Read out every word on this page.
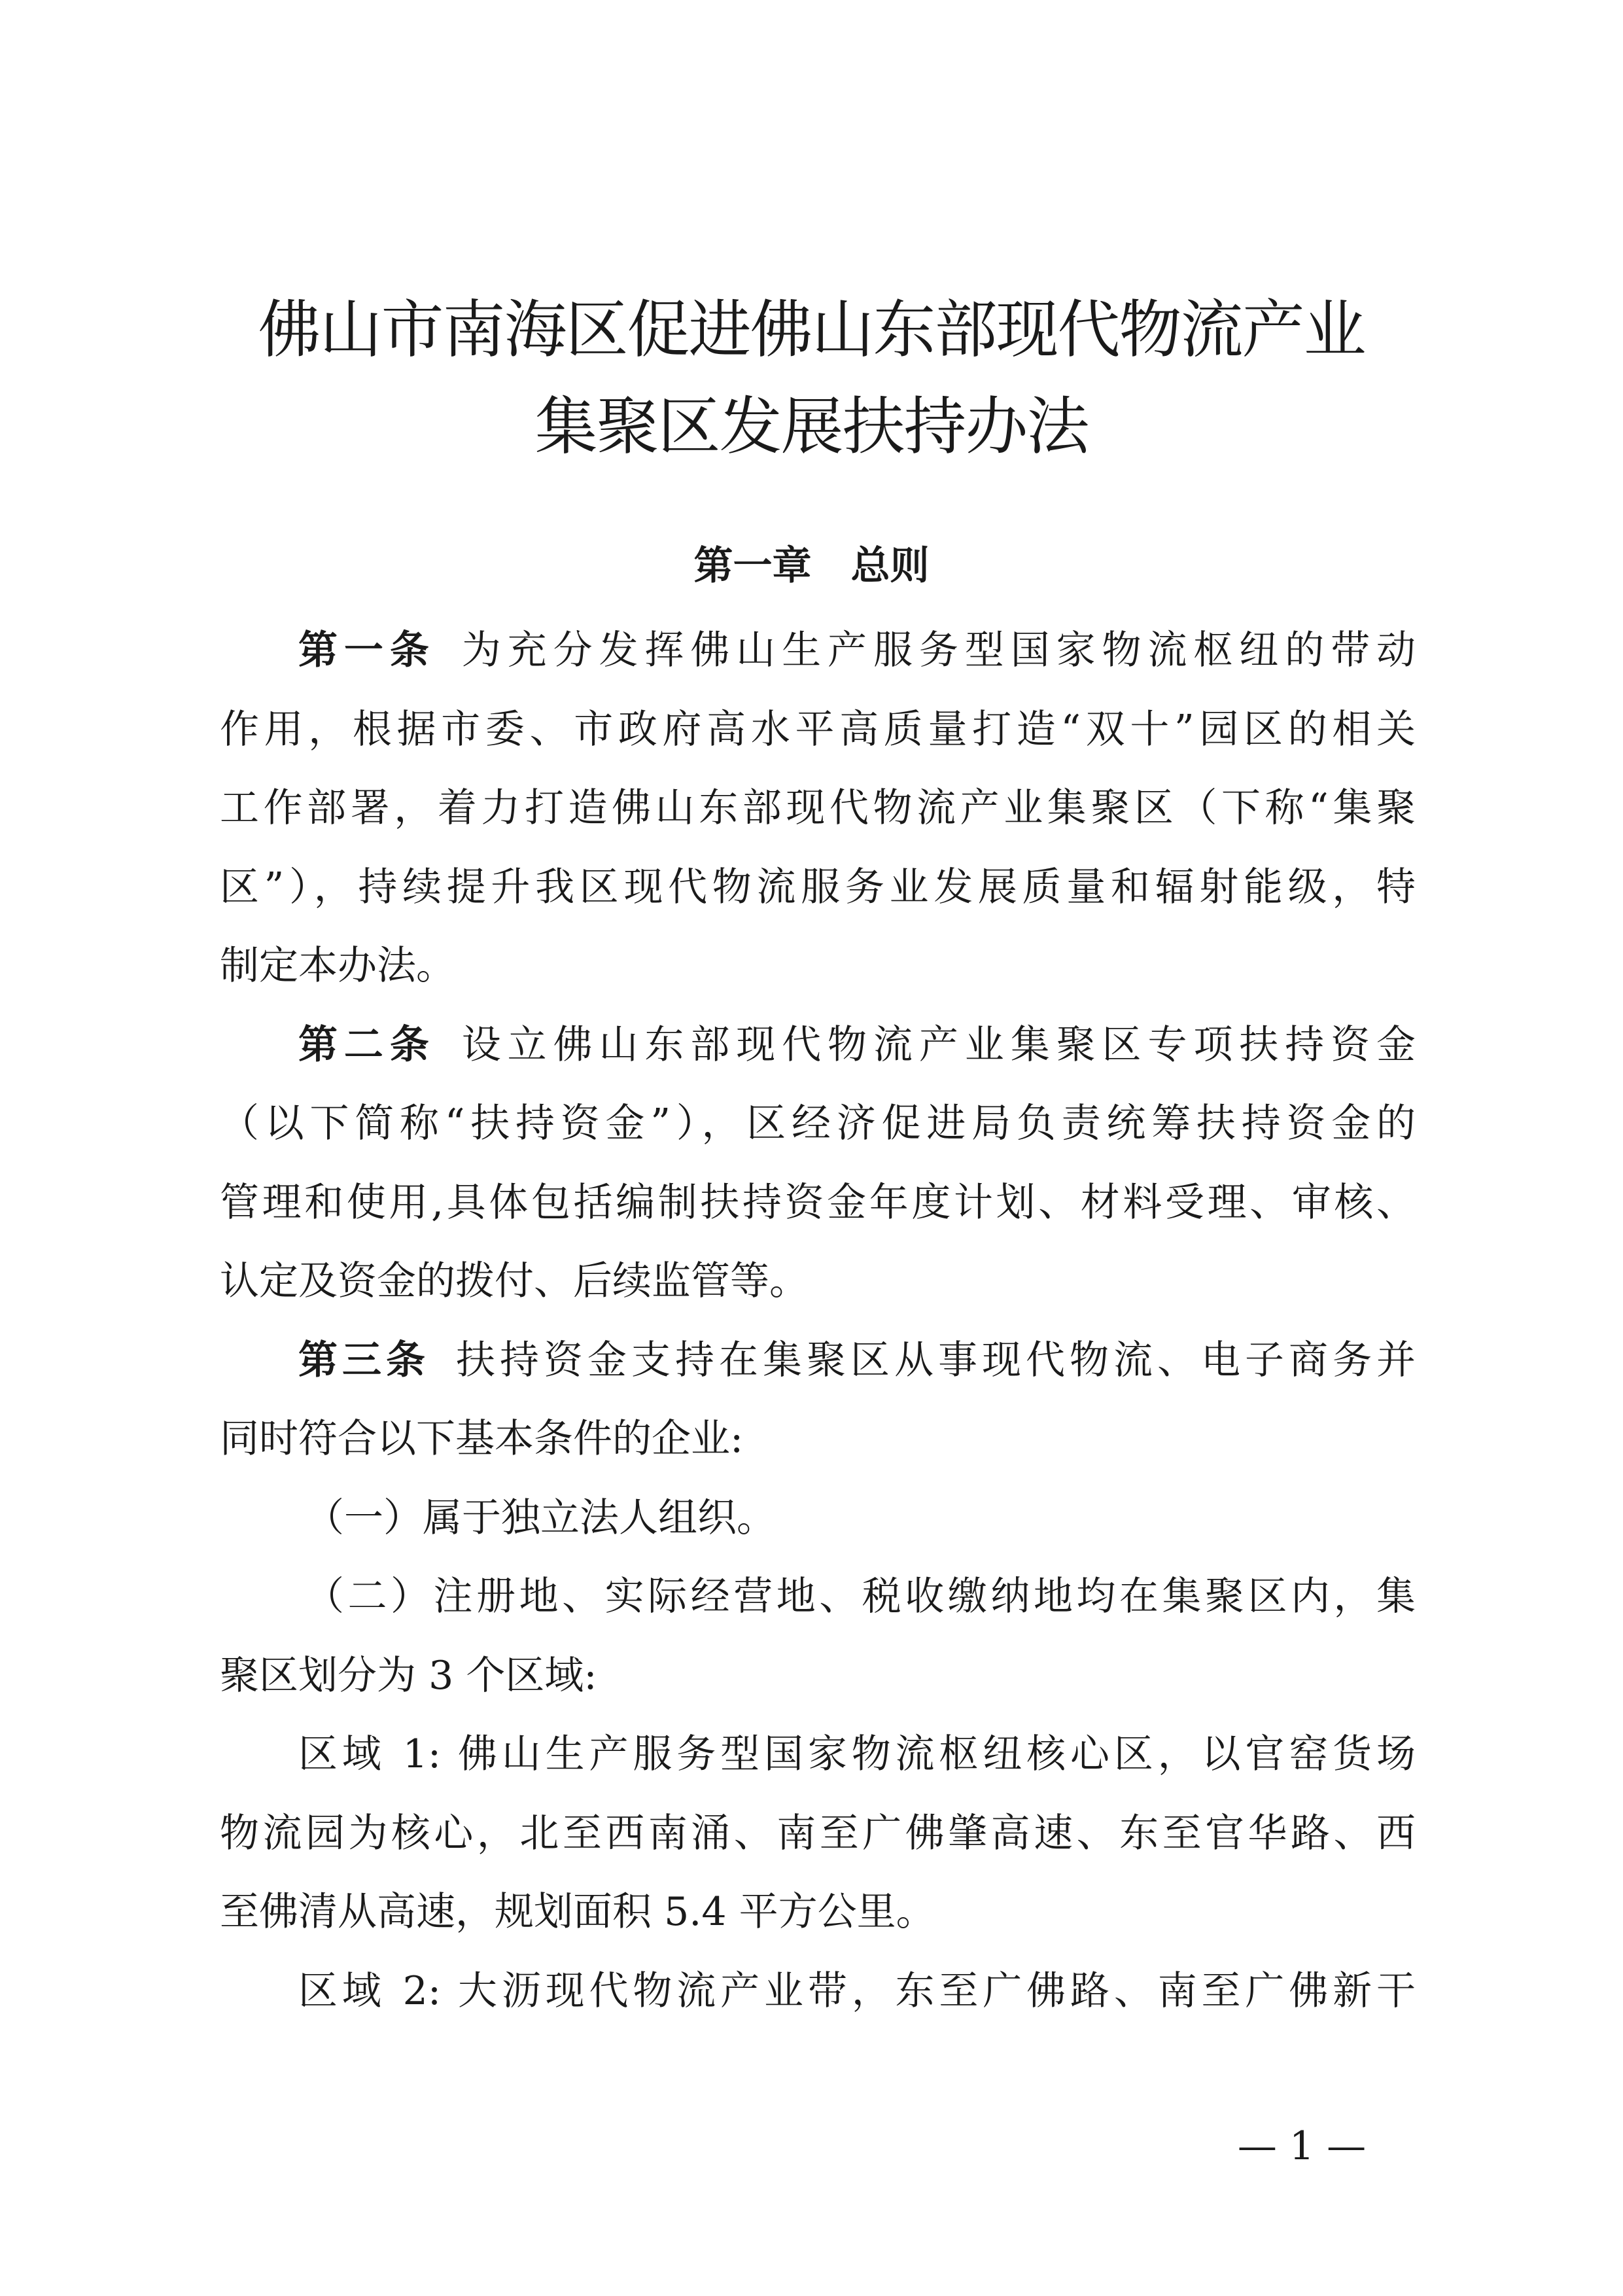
佛山市南海区促进佛山东部现代物流产业
集聚区发展扶持办法
第一章　总则
第一条 为充分发挥佛山生产服务型国家物流枢纽的带动
作用，根据市委、市政府高水平高质量打造“双十”园区的相关
工作部署，着力打造佛山东部现代物流产业集聚区（下称“集聚
区”），持续提升我区现代物流服务业发展质量和辐射能级，特
制定本办法。
第二条 设立佛山东部现代物流产业集聚区专项扶持资金
（以下简称“扶持资金”），区经济促进局负责统筹扶持资金的
管理和使用,具体包括编制扶持资金年度计划、材料受理、审核、
认定及资金的拨付、后续监管等。
第三条 扶持资金支持在集聚区从事现代物流、电子商务并
同时符合以下基本条件的企业:
（一）属于独立法人组织。
（二）注册地、实际经营地、税收缴纳地均在集聚区内，集
聚区划分为 3 个区域:
区域 1: 佛山生产服务型国家物流枢纽核心区，以官窑货场
物流园为核心，北至西南涌、南至广佛肇高速、东至官华路、西
至佛清从高速，规划面积 5.4 平方公里。
区域 2: 大沥现代物流产业带，东至广佛路、南至广佛新干
— 1 —
